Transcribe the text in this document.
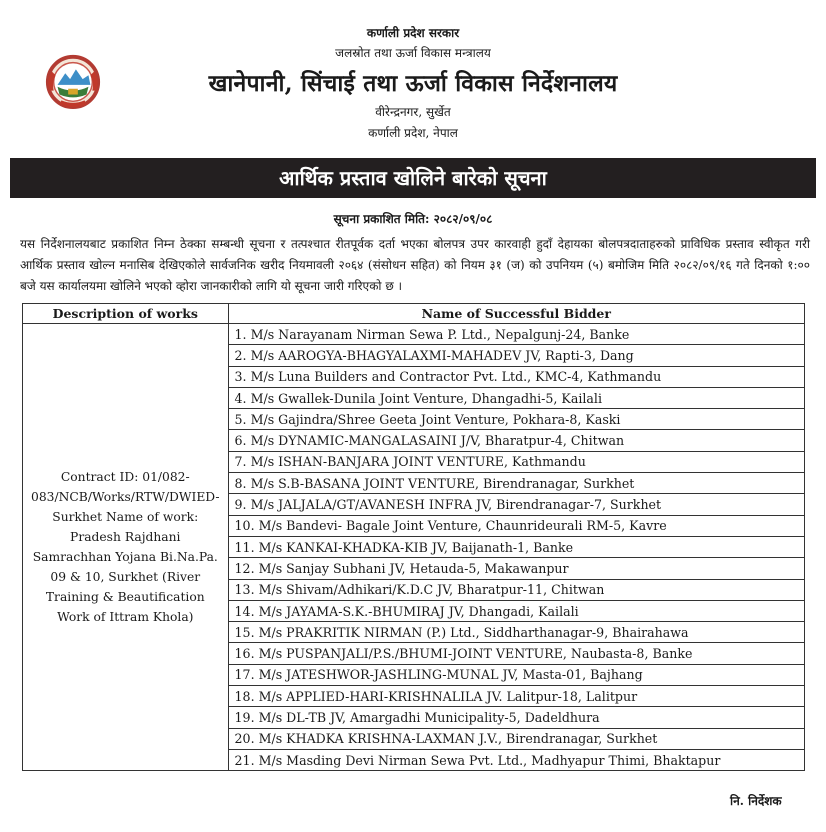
कर्णाली प्रदेश सरकार
जलस्रोत तथा ऊर्जा विकास मन्त्रालय
खानेपानी, सिंचाई तथा ऊर्जा विकास निर्देशनालय
वीरेन्द्रनगर, सुर्खेत
कर्णाली प्रदेश, नेपाल
आर्थिक प्रस्ताव खोलिने बारेको सूचना
सूचना प्रकाशित मिति: २०८२/०९/०८
यस निर्देशनालयबाट प्रकाशित निम्न ठेक्का सम्बन्धी सूचना र तत्पश्चात रीतपूर्वक दर्ता भएका बोलपत्र उपर कारवाही हुदाँ देहायका बोलपत्रदाताहरुको प्राविधिक प्रस्ताव स्वीकृत गरी आर्थिक प्रस्ताव खोल्न मनासिब देखिएकोले सार्वजनिक खरीद नियमावली २०६४ (संसोधन सहित) को नियम ३१ (ज) को उपनियम (५) बमोजिम मिति २०८२/०९/१६ गते दिनको १:०० बजे यस कार्यालयमा खोलिने भएको व्होरा जानकारीको लागि यो सूचना जारी गरिएको छ ।
Description of works	Name of Successful Bidder
Contract ID: 01/082-083/NCB/Works/RTW/DWIED- Surkhet Name of work: Pradesh Rajdhani Samrachhan Yojana Bi.Na.Pa. 09 & 10, Surkhet (River Training & Beautification Work of Ittram Khola)	1. M/s Narayanam Nirman Sewa P. Ltd., Nepalgunj-24, Banke
	2. M/s AAROGYA-BHAGYALAXMI-MAHADEV JV, Rapti-3, Dang
	3. M/s Luna Builders and Contractor Pvt. Ltd., KMC-4, Kathmandu
	4. M/s Gwallek-Dunila Joint Venture, Dhangadhi-5, Kailali
	5. M/s Gajindra/Shree Geeta Joint Venture, Pokhara-8, Kaski
	6. M/s DYNAMIC-MANGALASAINI J/V, Bharatpur-4, Chitwan
	7. M/s ISHAN-BANJARA JOINT VENTURE, Kathmandu
	8. M/s S.B-BASANA JOINT VENTURE, Birendranagar, Surkhet
	9. M/s JALJALA/GT/AVANESH INFRA JV, Birendranagar-7, Surkhet
	10. M/s Bandevi- Bagale Joint Venture, Chaunrideurali RM-5, Kavre
	11. M/s KANKAI-KHADKA-KIB JV, Baijanath-1, Banke
	12. M/s Sanjay Subhani JV, Hetauda-5, Makawanpur
	13. M/s Shivam/Adhikari/K.D.C JV, Bharatpur-11, Chitwan
	14. M/s JAYAMA-S.K.-BHUMIRAJ JV, Dhangadi, Kailali
	15. M/s PRAKRITIK NIRMAN (P.) Ltd., Siddharthanagar-9, Bhairahawa
	16. M/s PUSPANJALI/P.S./BHUMI-JOINT VENTURE, Naubasta-8, Banke
	17. M/s JATESHWOR-JASHLING-MUNAL JV, Masta-01, Bajhang
	18. M/s APPLIED-HARI-KRISHNALILA JV. Lalitpur-18, Lalitpur
	19. M/s DL-TB JV, Amargadhi Municipality-5, Dadeldhura
	20. M/s KHADKA KRISHNA-LAXMAN J.V., Birendranagar, Surkhet
	21. M/s Masding Devi Nirman Sewa Pvt. Ltd., Madhyapur Thimi, Bhaktapur
नि. निर्देशक
